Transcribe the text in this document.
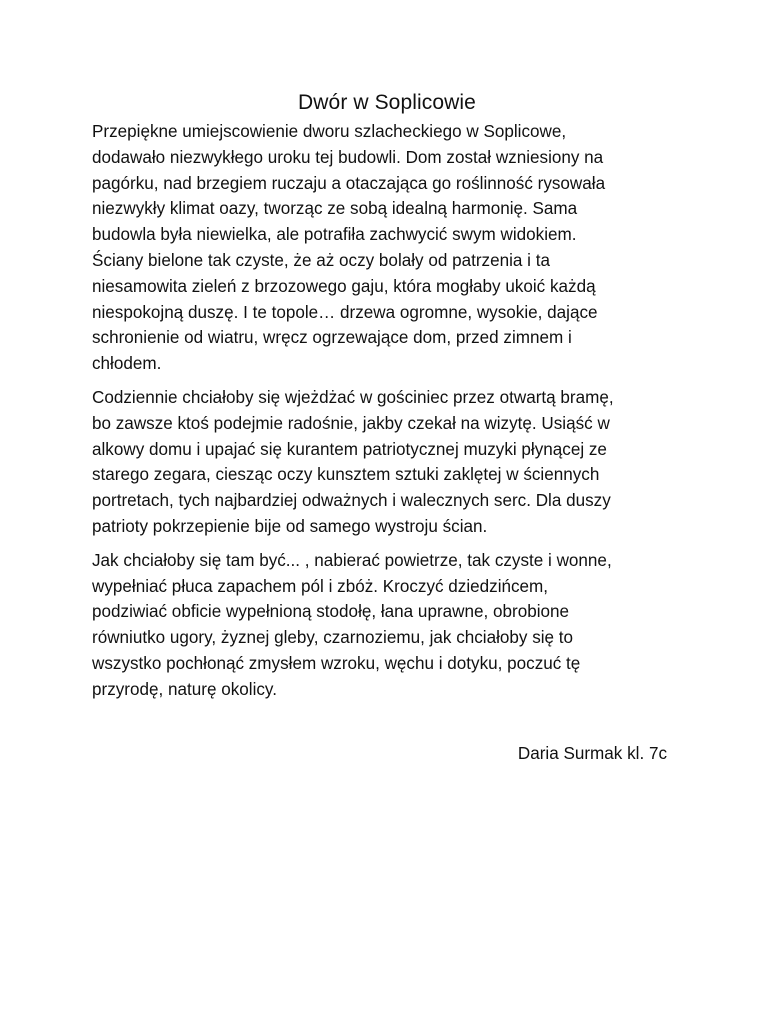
Dwór w Soplicowie
Przepiękne umiejscowienie dworu szlacheckiego w Soplicowe,
dodawało niezwykłego uroku tej budowli. Dom został wzniesiony na
pagórku, nad brzegiem ruczaju a otaczająca go roślinność rysowała
niezwykły klimat oazy, tworząc ze sobą idealną harmonię. Sama
budowla była niewielka, ale potrafiła zachwycić swym widokiem.
Ściany bielone tak czyste, że aż oczy bolały od patrzenia i ta
niesamowita zieleń z brzozowego gaju, która mogłaby ukoić każdą
niespokojną duszę. I te topole… drzewa ogromne, wysokie, dające
schronienie od wiatru, wręcz ogrzewające dom, przed zimnem i
chłodem.
Codziennie chciałoby się wjeżdżać w gościniec przez otwartą bramę,
bo zawsze ktoś podejmie radośnie, jakby czekał na wizytę. Usiąść w
alkowy domu i upajać się kurantem patriotycznej muzyki płynącej ze
starego zegara, ciesząc oczy kunsztem sztuki zaklętej w ściennych
portretach, tych najbardziej odważnych i walecznych serc. Dla duszy
patrioty pokrzepienie bije od samego wystroju ścian.
Jak chciałoby się tam być... , nabierać powietrze, tak czyste i wonne,
wypełniać płuca zapachem pól i zbóż. Kroczyć dziedzińcem,
podziwiać obficie wypełnioną stodołę, łana uprawne, obrobione
równiutko ugory, żyznej gleby, czarnoziemu, jak chciałoby się to
wszystko pochłonąć zmysłem wzroku, węchu i dotyku, poczuć tę
przyrodę, naturę okolicy.
Daria Surmak kl. 7c
